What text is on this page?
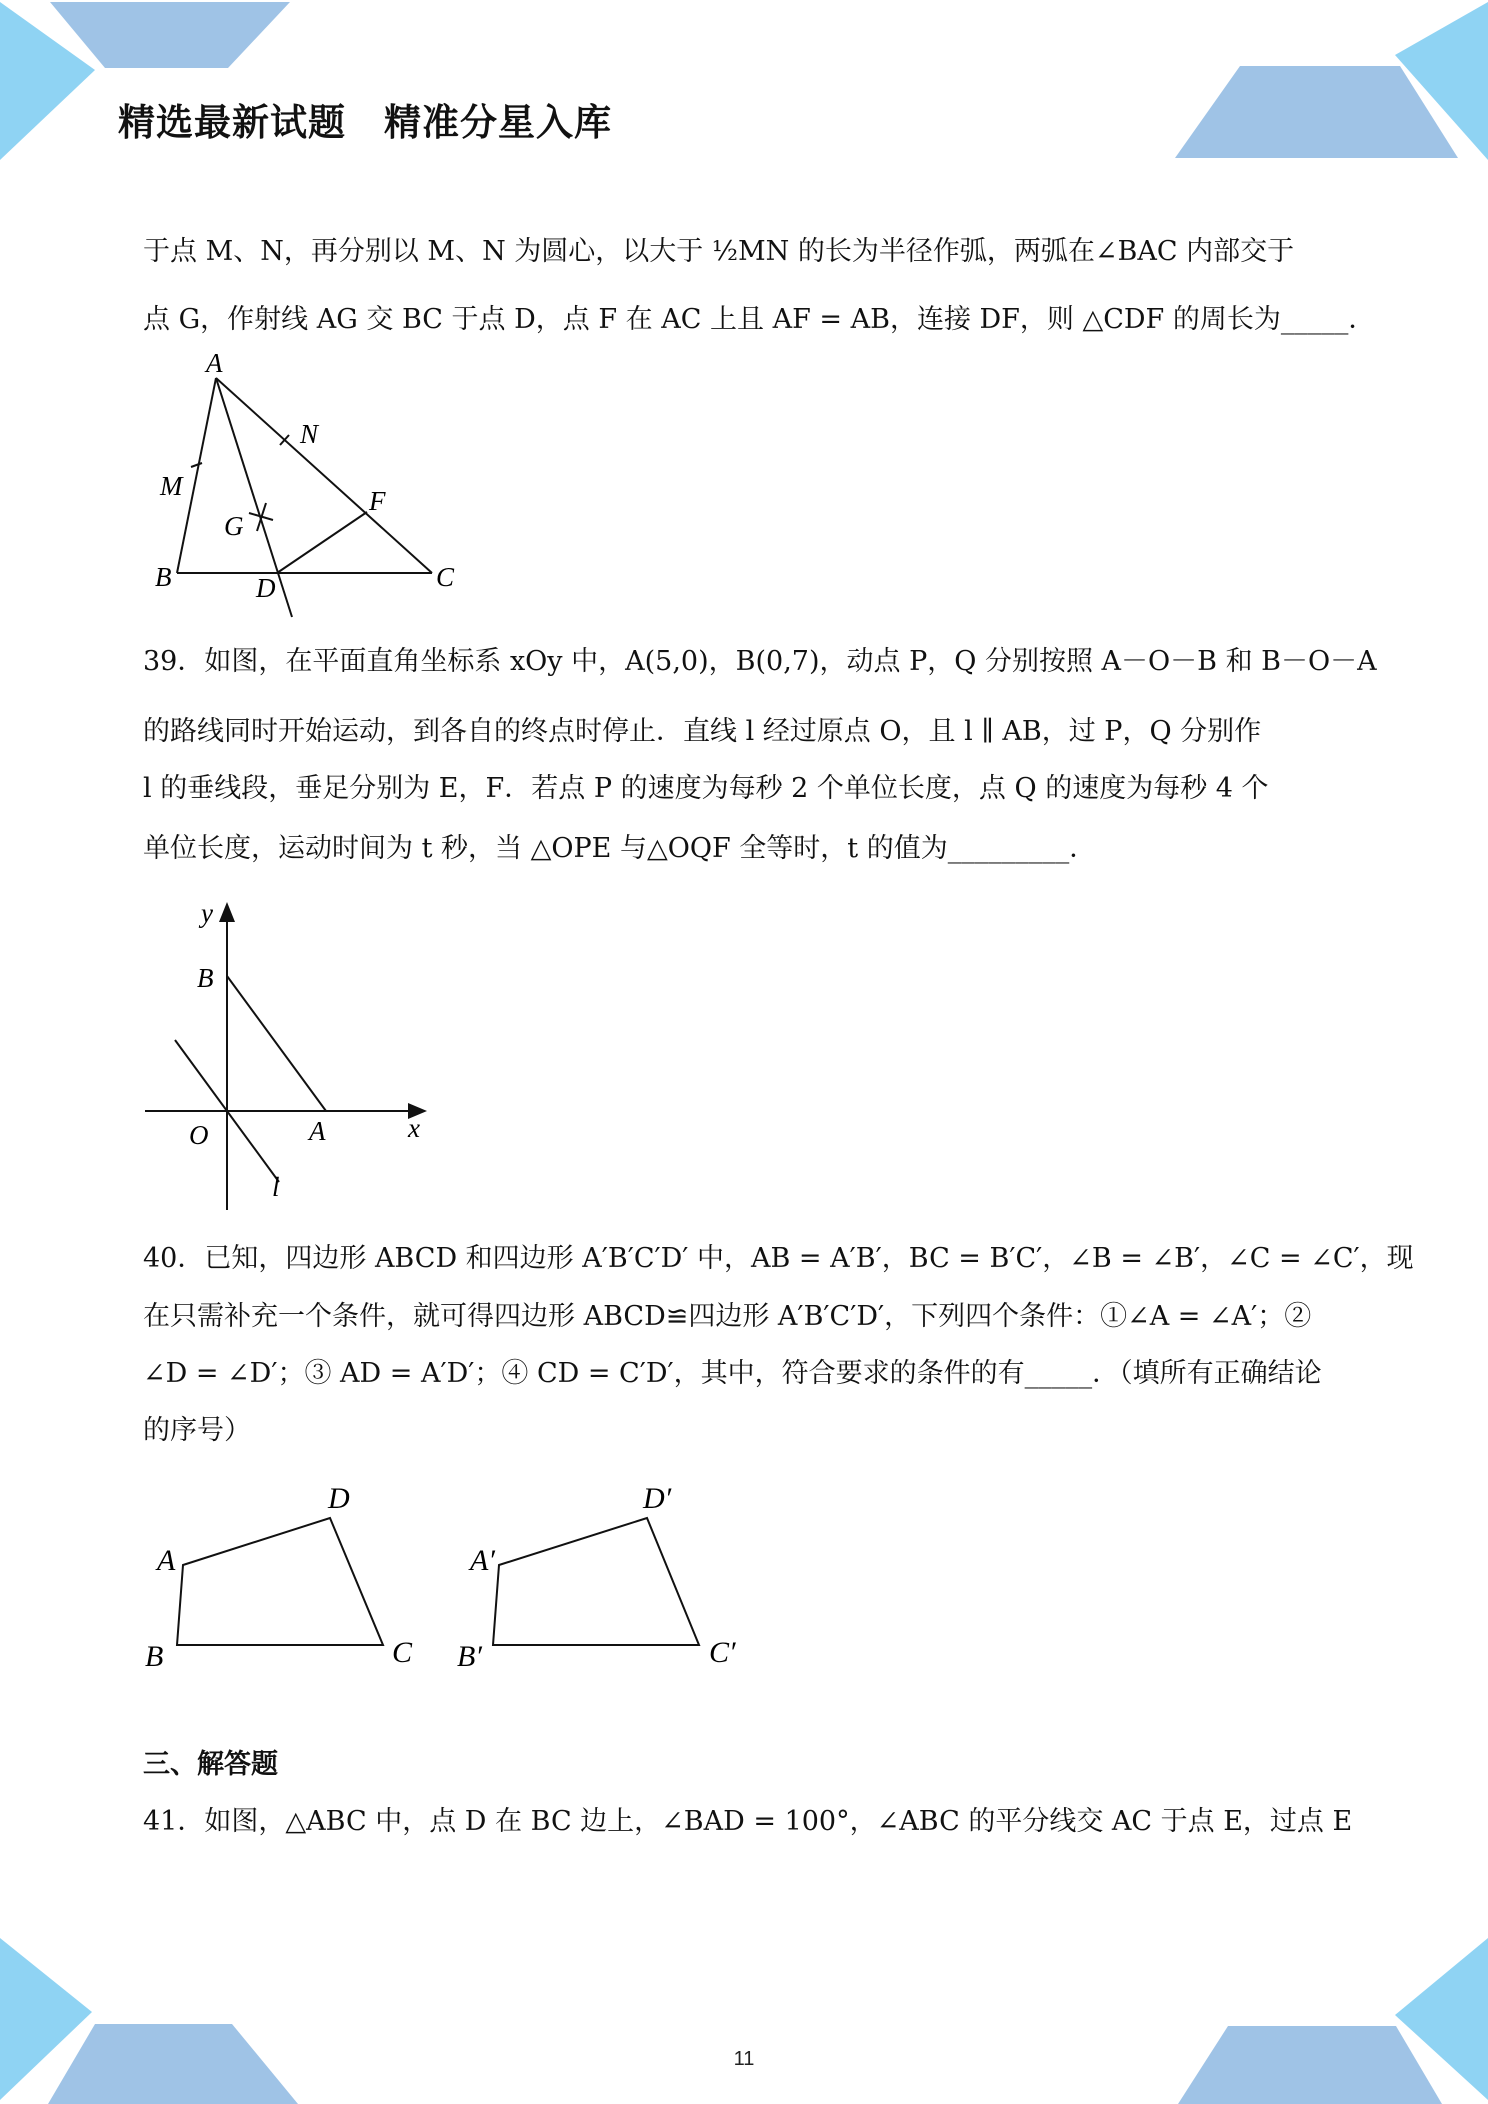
精选最新试题　精准分星入库
于点 M、N，再分别以 M、N 为圆心，以大于 ½MN 的长为半径作弧，两弧在∠BAC 内部交于
点 G，作射线 AG 交 BC 于点 D，点 F 在 AC 上且 AF = AB，连接 DF，则 △CDF 的周长为_____．
A
B	C
D
F
G
M
N
39．如图，在平面直角坐标系 xOy 中，A(5,0)，B(0,7)，动点 P，Q 分别按照 A－O－B 和 B－O－A
的路线同时开始运动，到各自的终点时停止．直线 l 经过原点 O，且 l ∥ AB，过 P，Q 分别作
l 的垂线段，垂足分别为 E，F．若点 P 的速度为每秒 2 个单位长度，点 Q 的速度为每秒 4 个
单位长度，运动时间为 t 秒，当 △OPE 与△OQF 全等时，t 的值为_________．
y
x
O	A
B
l
40．已知，四边形 ABCD 和四边形 A′B′C′D′ 中，AB = A′B′，BC = B′C′，∠B = ∠B′，∠C = ∠C′，现
在只需补充一个条件，就可得四边形 ABCD≌四边形 A′B′C′D′，下列四个条件：①∠A = ∠A′；②
∠D = ∠D′；③ AD = A′D′；④ CD = C′D′，其中，符合要求的条件的有_____．（填所有正确结论
的序号）
A
B	C
D
A′
B′	C′
D′
三、解答题
41．如图，△ABC 中，点 D 在 BC 边上，∠BAD = 100°，∠ABC 的平分线交 AC 于点 E，过点 E
11
